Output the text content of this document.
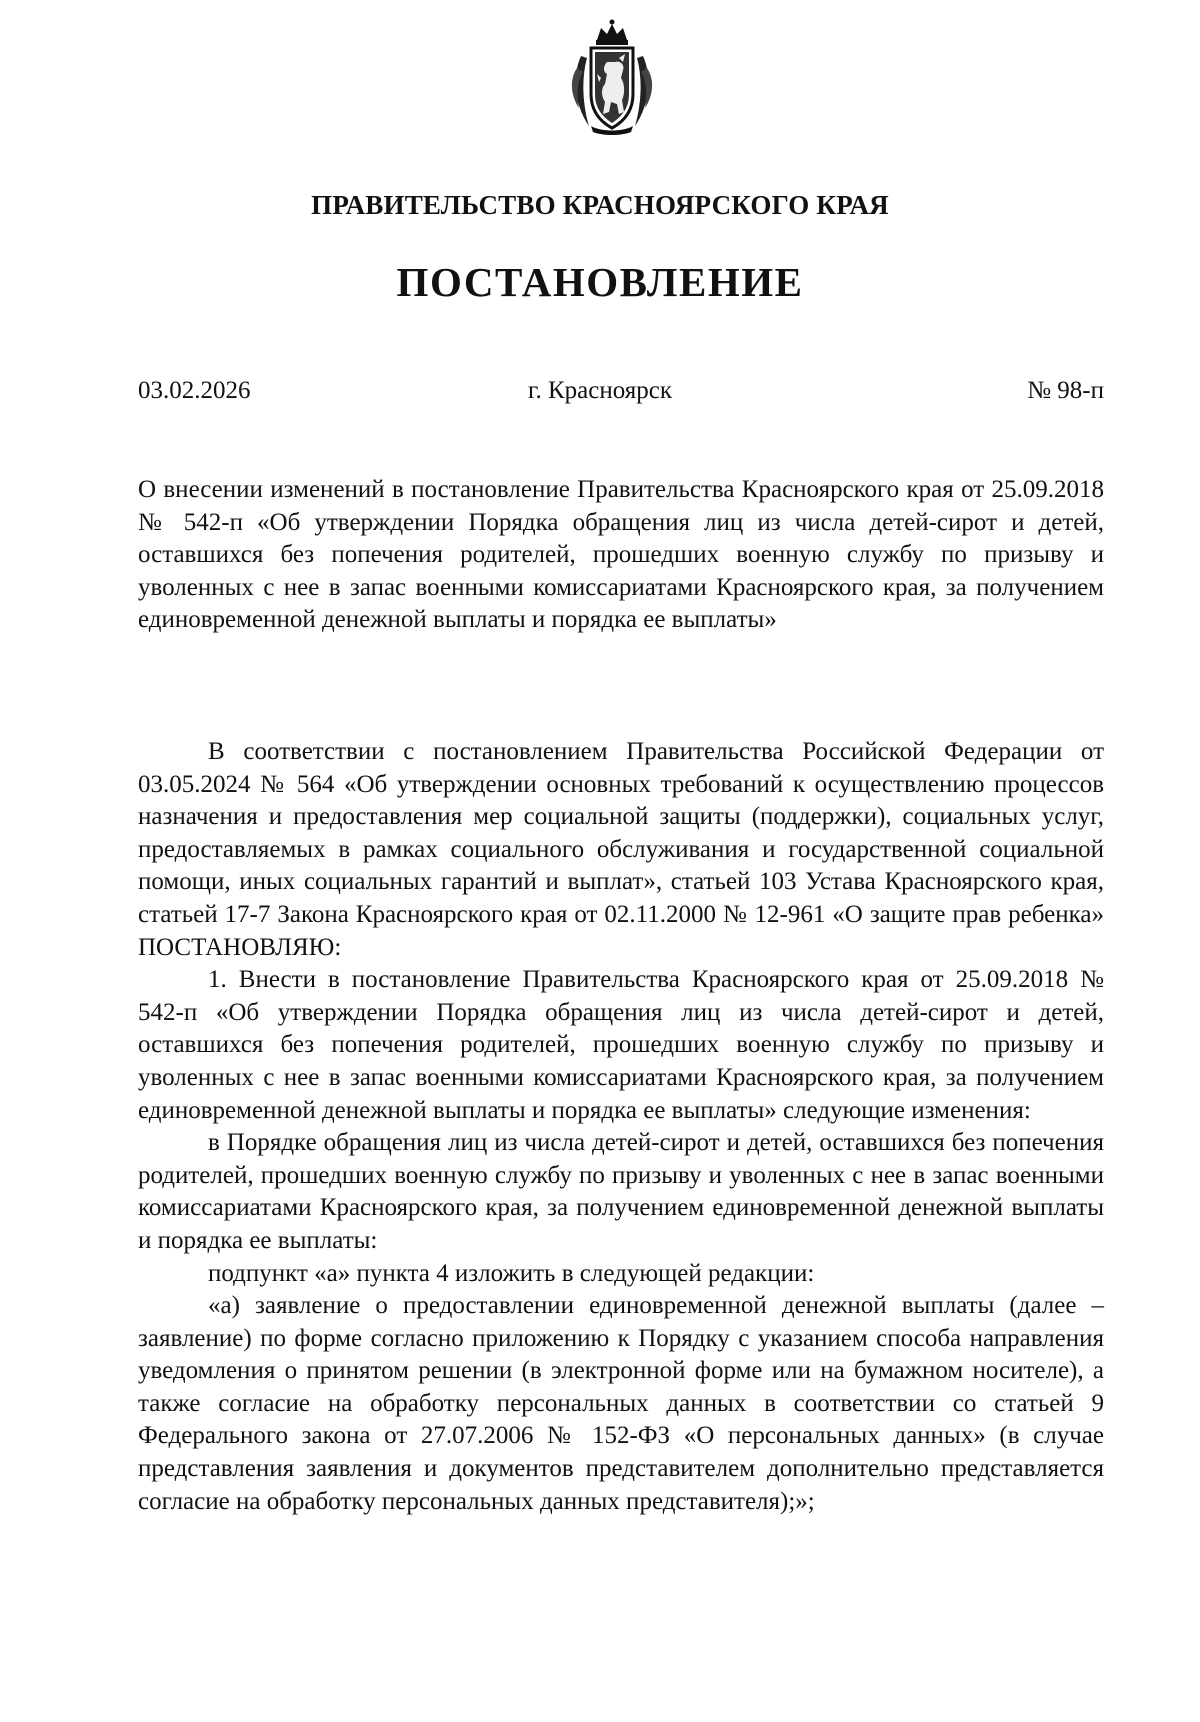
ПРАВИТЕЛЬСТВО КРАСНОЯРСКОГО КРАЯ
ПОСТАНОВЛЕНИЕ
03.02.2026	г. Красноярск	№ 98-п
О внесении изменений в постановление Правительства Красноярского края от 25.09.2018 № 542-п «Об утверждении Порядка обращения лиц из числа детей-сирот и детей, оставшихся без попечения родителей, прошедших военную службу по призыву и уволенных с нее в запас военными комиссариатами Красноярского края, за получением единовременной денежной выплаты и порядка ее выплаты»

В соответствии с постановлением Правительства Российской Федерации от 03.05.2024 № 564 «Об утверждении основных требований к осуществлению процессов назначения и предоставления мер социальной защиты (поддержки), социальных услуг, предоставляемых в рамках социального обслуживания и государственной социальной помощи, иных социальных гарантий и выплат», статьей 103 Устава Красноярского края, статьей 17-7 Закона Красноярского края от 02.11.2000 № 12-961 «О защите прав ребенка» ПОСТАНОВЛЯЮ:

1. Внести в постановление Правительства Красноярского края от 25.09.2018 № 542-п «Об утверждении Порядка обращения лиц из числа детей-сирот и детей, оставшихся без попечения родителей, прошедших военную службу по призыву и уволенных с нее в запас военными комиссариатами Красноярского края, за получением единовременной денежной выплаты и порядка ее выплаты» следующие изменения:

в Порядке обращения лиц из числа детей-сирот и детей, оставшихся без попечения родителей, прошедших военную службу по призыву и уволенных с нее в запас военными комиссариатами Красноярского края, за получением единовременной денежной выплаты и порядка ее выплаты:

подпункт «а» пункта 4 изложить в следующей редакции:

«а) заявление о предоставлении единовременной денежной выплаты (далее – заявление) по форме согласно приложению к Порядку с указанием способа направления уведомления о принятом решении (в электронной форме или на бумажном носителе), а также согласие на обработку персональных данных в соответствии со статьей 9 Федерального закона от 27.07.2006 № 152-ФЗ «О персональных данных» (в случае представления заявления и документов представителем дополнительно представляется согласие на обработку персональных данных представителя);»;
